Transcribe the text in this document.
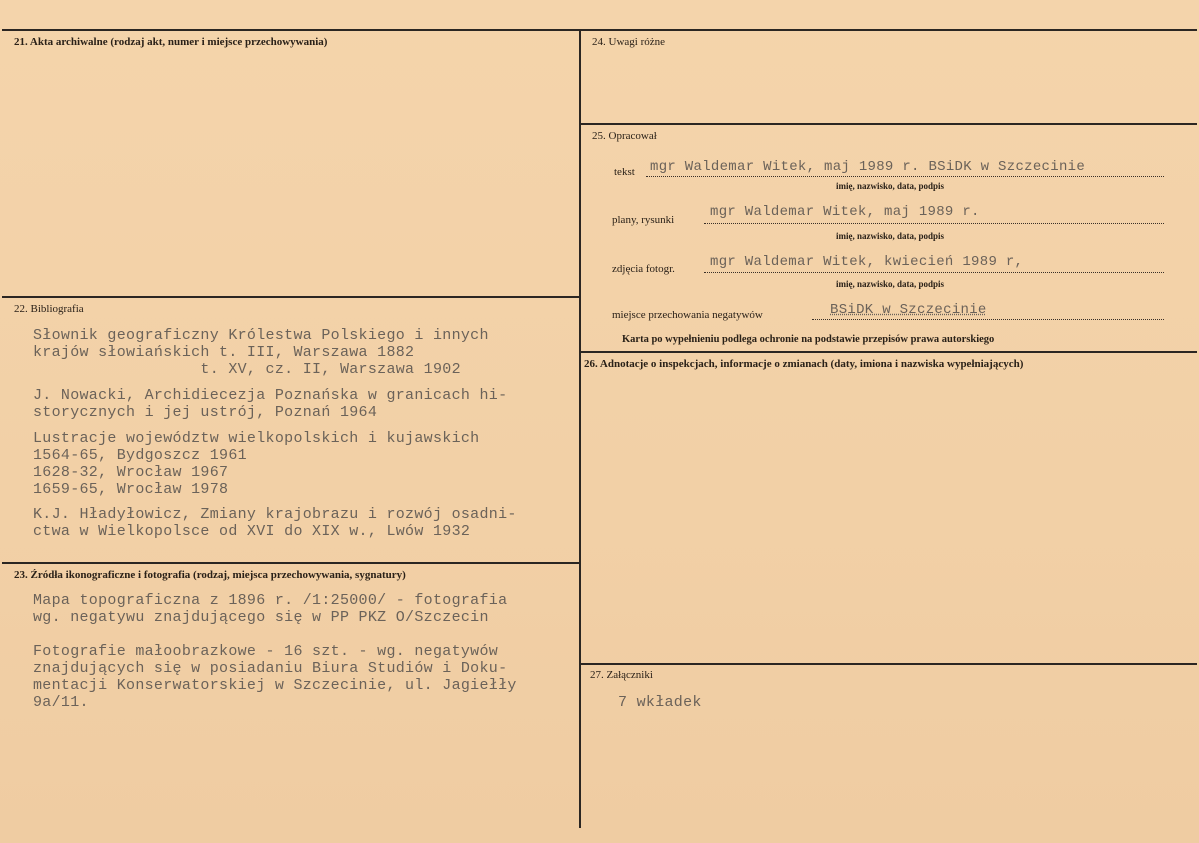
21. Akta archiwalne (rodzaj akt, numer i miejsce przechowywania)
22. Bibliografia
Słownik geograficzny Królestwa Polskiego i innych
krajów słowiańskich t. III, Warszawa 1882
t. XV, cz. II, Warszawa 1902
J. Nowacki, Archidiecezja Poznańska w granicach hi-
storycznych i jej ustrój, Poznań 1964
Lustracje województw wielkopolskich i kujawskich
1564-65, Bydgoszcz 1961
1628-32, Wrocław 1967
1659-65, Wrocław 1978
K.J. Hładyłowicz, Zmiany krajobrazu i rozwój osadni-
ctwa w Wielkopolsce od XVI do XIX w., Lwów 1932
23. Źródła ikonograficzne i fotografia (rodzaj, miejsca przechowywania, sygnatury)
Mapa topograficzna z 1896 r. /1:25000/ - fotografia
wg. negatywu znajdującego się w PP PKZ O/Szczecin
Fotografie małoobrazkowe - 16 szt. - wg. negatywów
znajdujących się w posiadaniu Biura Studiów i Doku-
mentacji Konserwatorskiej w Szczecinie, ul. Jagiełły
9a/11.
24. Uwagi różne
25. Opracował
tekst mgr Waldemar Witek, maj 1989 r. BSiDK w Szczecinie
imię, nazwisko, data, podpis
plany, rysunki	mgr Waldemar Witek, maj 1989 r.
imię, nazwisko, data, podpis
zdjęcia fotogr.	mgr Waldemar Witek, kwiecień 1989 r,
imię, nazwisko, data, podpis
miejsce przechowania negatywów	BSiDK w Szczecinie
Karta po wypełnieniu podlega ochronie na podstawie przepisów prawa autorskiego
26. Adnotacje o inspekcjach, informacje o zmianach (daty, imiona i nazwiska wypełniających)
27. Załączniki
7 wkładek
